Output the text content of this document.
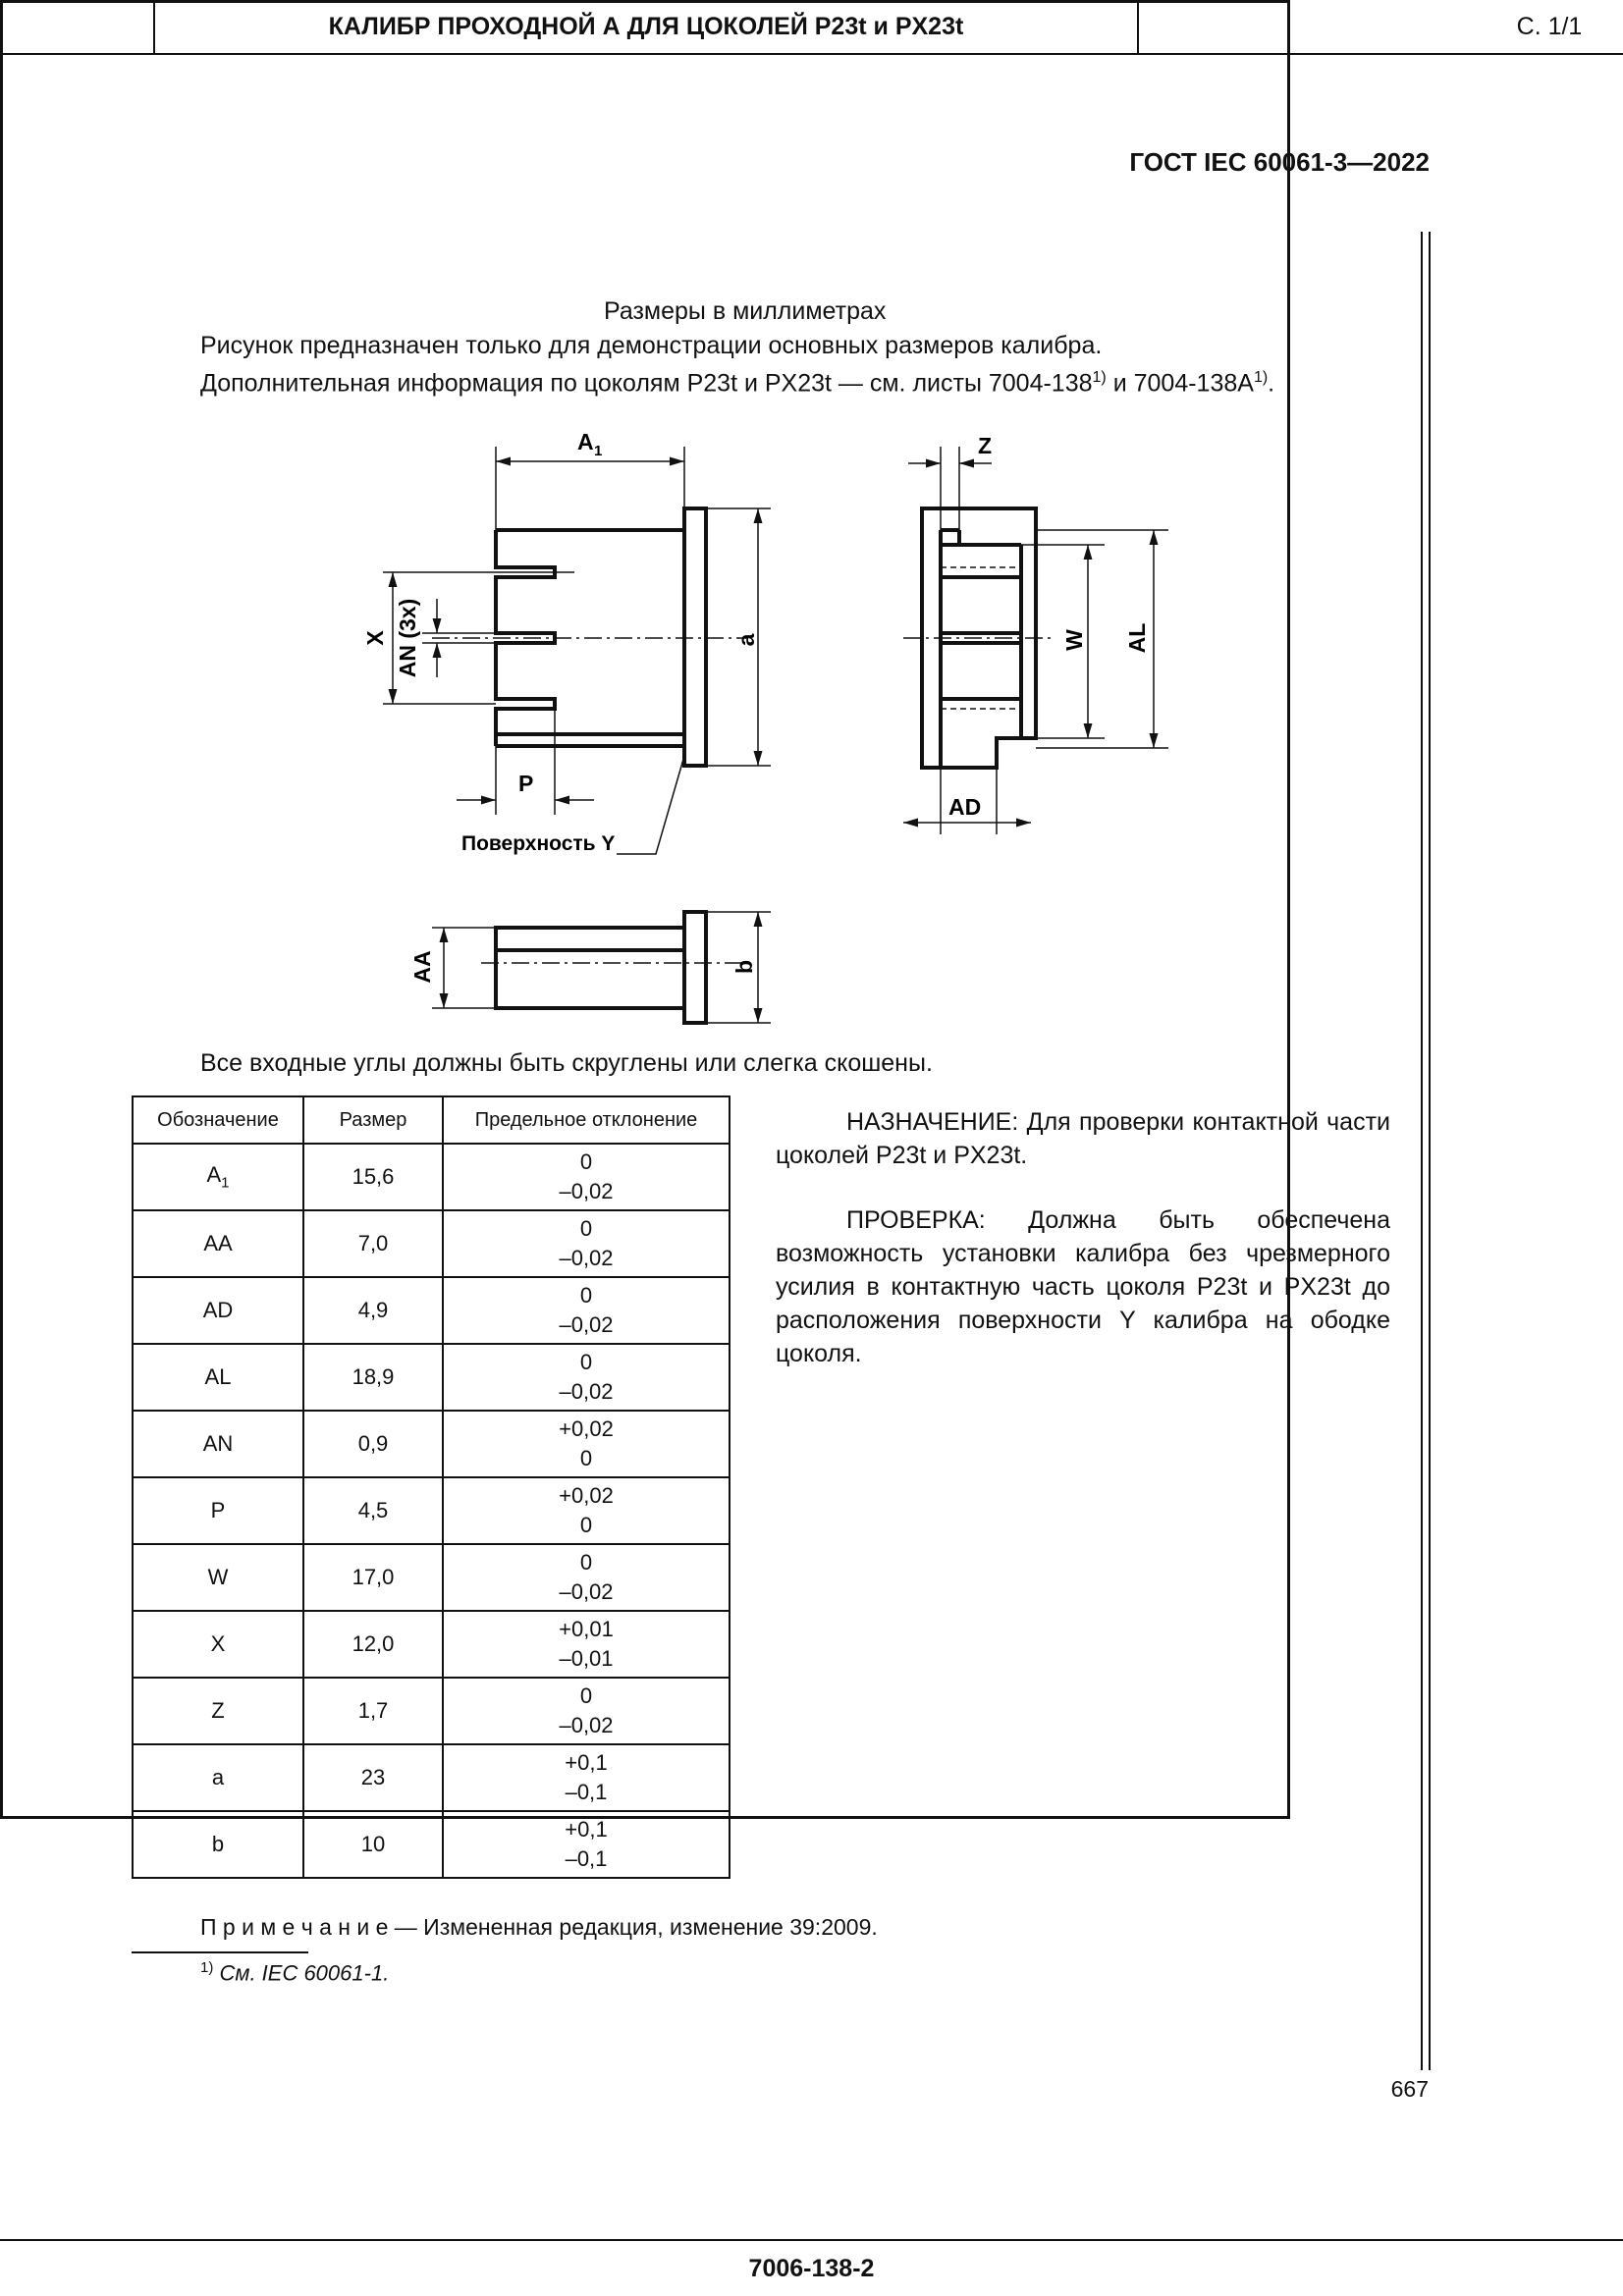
ГОСТ IEC 60061-3—2022
КАЛИБР ПРОХОДНОЙ А ДЛЯ ЦОКОЛЕЙ P23t и PX23t	С. 1/1
7006-138-2
Размеры в миллиметрах
Рисунок предназначен только для демонстрации основных размеров калибра.
Дополнительная информация по цоколям P23t и PX23t — см. листы 7004-138$^{1)}$ и $7004-138A^{1)}$.
A 1
a
X AN (3x)
P
Поверхность Y
Z
W AL
AD
AA	b
Все входные углы должны быть скруглены или слегка скошены.
Обозначение	Размер	Предельное отклонение
$A_1$	15,6	0
–0,02

AA	7,0	0
–0,02

AD	4,9	0
–0,02

AL	18,9	0
–0,02

AN	0,9	+0,02
0

P	4,5	+0,02
0

W	17,0	0
–0,02

X	12,0	+0,01
–0,01

Z	1,7	0
–0,02

a	23	+0,1
–0,1

b	10	+0,1
–0,1
НАЗНАЧЕНИЕ: Для проверки контактной части цоколей P23t и PX23t.
ПРОВЕРКА: Должна быть обеспечена возможность установки калибра без чрезмерного усилия в контактную часть цоколя P23t и PX23t до расположения поверхности Y калибра на ободке цоколя.
П р и м е ч а н и е — Измененная редакция, изменение 39:2009.
$^{1)}$ См. IEC 60061-1.
667
